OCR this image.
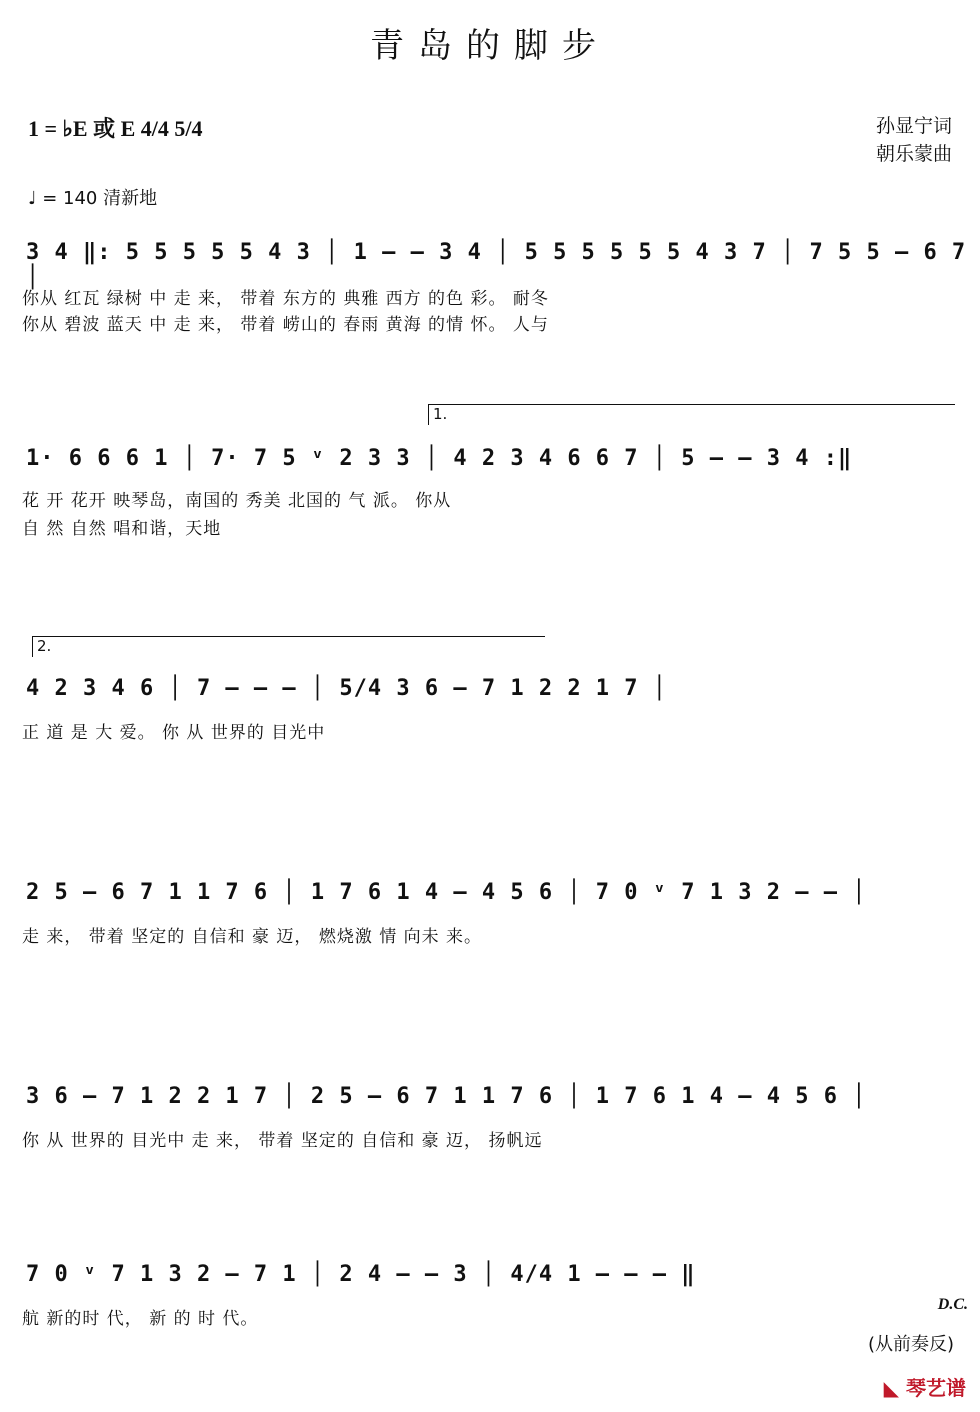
青岛的脚步
1 = ♭E 或 E 4/4 5/4
♩ = 140 清新地
孙显宁词
朝乐蒙曲
3 4 ‖: 5 5 5 5 5 4 3 │ 1 – – 3 4 │ 5 5 5 5 5 5 4 3 7 │ 7 5 5 – 6 7 │
你从 红瓦 绿树 中 走 来， 带着 东方的 典雅 西方 的色 彩。 耐冬
你从 碧波 蓝天 中 走 来， 带着 崂山的 春雨 黄海 的情 怀。 人与
1.
1· 6 6 6 1 │ 7· 7 5 ᵛ 2 3 3 │ 4 2 3 4 6 6 7 │ 5 – – 3 4 :‖
花 开 花开 映琴岛，南国的 秀美 北国的 气 派。 你从
自 然 自然 唱和谐，天地
2.
4 2 3 4 6 │ 7 – – – │ 5/4 3 6 – 7 1 2 2 1 7 │
正 道 是 大 爱。 你 从 世界的 目光中
2 5 – 6 7 1 1 7 6 │ 1 7 6 1 4 – 4 5 6 │ 7 0 ᵛ 7 1 3 2 – – │
走 来， 带着 坚定的 自信和 豪 迈， 燃烧激 情 向未 来。
3 6 – 7 1 2 2 1 7 │ 2 5 – 6 7 1 1 7 6 │ 1 7 6 1 4 – 4 5 6 │
你 从 世界的 目光中 走 来， 带着 坚定的 自信和 豪 迈， 扬帆远
7 0 ᵛ 7 1 3 2 – 7 1 │ 2 4 – – 3 │ 4/4 1 – – – ‖
航 新的时 代， 新 的 时 代。
D.C.
(从前奏反)
◣ 琴艺谱
